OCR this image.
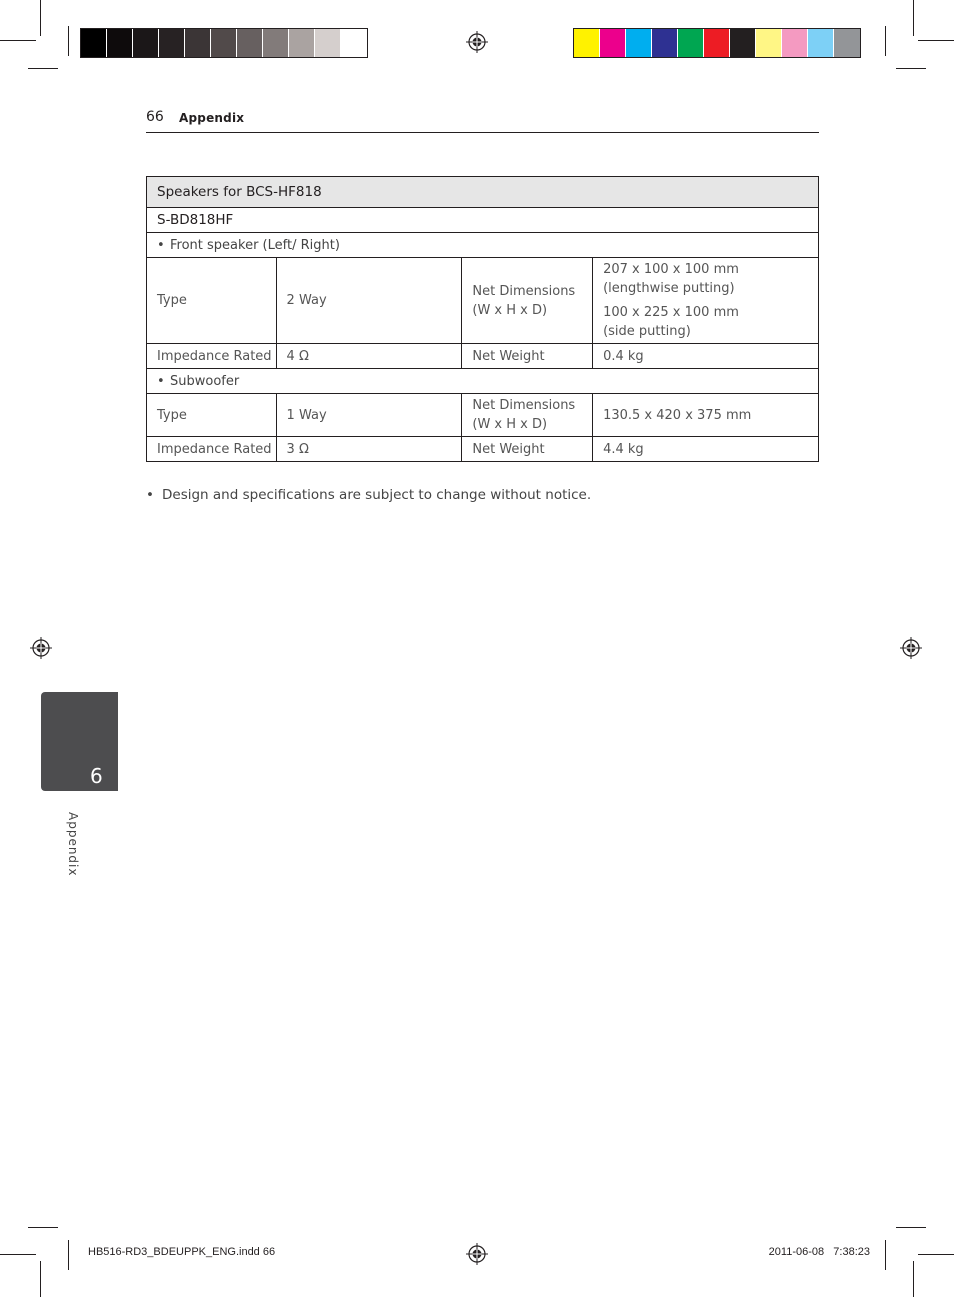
66 Appendix
Speakers for BCS-HF818			
S-BD818HF			
• Front speaker (Left/ Right)			
Type	2 Way	Net Dimensions
(W x H x D)	207 x 100 x 100 mm
(lengthwise putting)
100 x 225 x 100 mm
(side putting)

Impedance Rated	4 Ω	Net Weight	0.4 kg
• Subwoofer			
Type	1 Way	Net Dimensions
(W x H x D)	130.5 x 420 x 375 mm
Impedance Rated	3 Ω	Net Weight	4.4 kg
• Design and specifications are subject to change without notice.
6
Appendix
HB516-RD3_BDEUPPK_ENG.indd 66	2011-06-08   7:38:23
